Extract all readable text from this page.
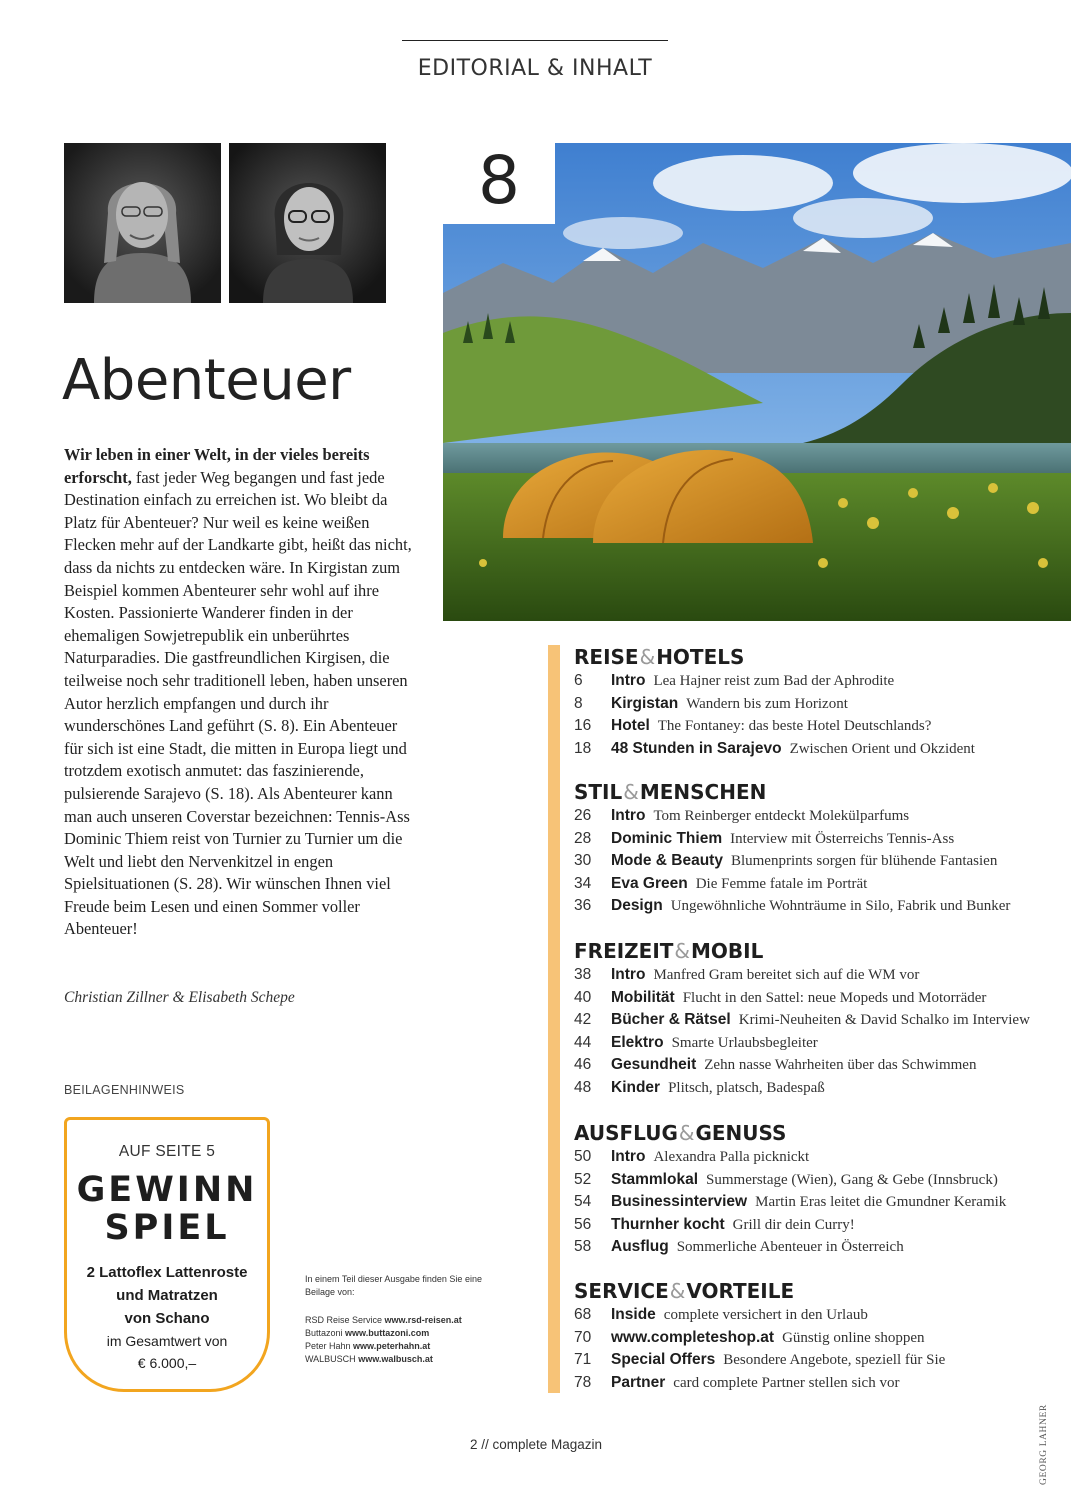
EDITORIAL & INHALT
Abenteuer
Wir leben in einer Welt, in der vieles bereits erforscht, fast jeder Weg begangen und fast jede Destination einfach zu erreichen ist. Wo bleibt da Platz für Abenteuer? Nur weil es keine weißen Flecken mehr auf der Landkarte gibt, heißt das nicht, dass da nichts zu entdecken wäre. In Kirgistan zum Beispiel kommen Abenteurer sehr wohl auf ihre Kosten. Passionierte Wanderer finden in der ehemaligen Sowjetrepublik ein unberührtes Naturparadies. Die gastfreundlichen Kirgisen, die teilweise noch sehr traditionell leben, haben unseren Autor herzlich empfangen und durch ihr wunderschönes Land geführt (S. 8). Ein Abenteuer für sich ist eine Stadt, die mitten in Europa liegt und trotzdem exotisch anmutet: das faszinierende, pulsierende Sarajevo (S. 18). Als Abenteurer kann man auch unseren Coverstar bezeichnen: Tennis-Ass Dominic Thiem reist von Turnier zu Turnier um die Welt und liebt den Nervenkitzel in engen Spielsituationen (S. 28). Wir wünschen Ihnen viel Freude beim Lesen und einen Sommer voller Abenteuer!
Christian Zillner & Elisabeth Schepe
BEILAGENHINWEIS
AUF SEITE 5
GEWINN
SPIEL
2 Lattoflex Lattenroste
und Matratzen
von Schano
im Gesamtwert von
€ 6.000,–
In einem Teil dieser Ausgabe finden Sie eine Beilage von:
RSD Reise Service www.rsd-reisen.at
Buttazoni www.buttazoni.com
Peter Hahn www.peterhahn.at
WALBUSCH www.walbusch.at
8
REISE&HOTELS
6 Intro Lea Hajner reist zum Bad der Aphrodite
8 Kirgistan Wandern bis zum Horizont
16 Hotel The Fontaney: das beste Hotel Deutschlands?
18 48 Stunden in Sarajevo Zwischen Orient und Okzident
STIL&MENSCHEN
26 Intro Tom Reinberger entdeckt Molekülparfums
28 Dominic Thiem Interview mit Österreichs Tennis-Ass
30 Mode & Beauty Blumenprints sorgen für blühende Fantasien
34 Eva Green Die Femme fatale im Porträt
36 Design Ungewöhnliche Wohnträume in Silo, Fabrik und Bunker
FREIZEIT&MOBIL
38 Intro Manfred Gram bereitet sich auf die WM vor
40 Mobilität Flucht in den Sattel: neue Mopeds und Motorräder
42 Bücher & Rätsel Krimi-Neuheiten & David Schalko im Interview
44 Elektro Smarte Urlaubsbegleiter
46 Gesundheit Zehn nasse Wahrheiten über das Schwimmen
48 Kinder Plitsch, platsch, Badespaß
AUSFLUG&GENUSS
50 Intro Alexandra Palla picknickt
52 Stammlokal Summerstage (Wien), Gang & Gebe (Innsbruck)
54 Businessinterview Martin Eras leitet die Gmundner Keramik
56 Thurnher kocht Grill dir dein Curry!
58 Ausflug Sommerliche Abenteuer in Österreich
SERVICE&VORTEILE
68 Inside complete versichert in den Urlaub
70 www.completeshop.at Günstig online shoppen
71 Special Offers Besondere Angebote, speziell für Sie
78 Partner card complete Partner stellen sich vor
GEORG LAHNER
2 // complete Magazin
